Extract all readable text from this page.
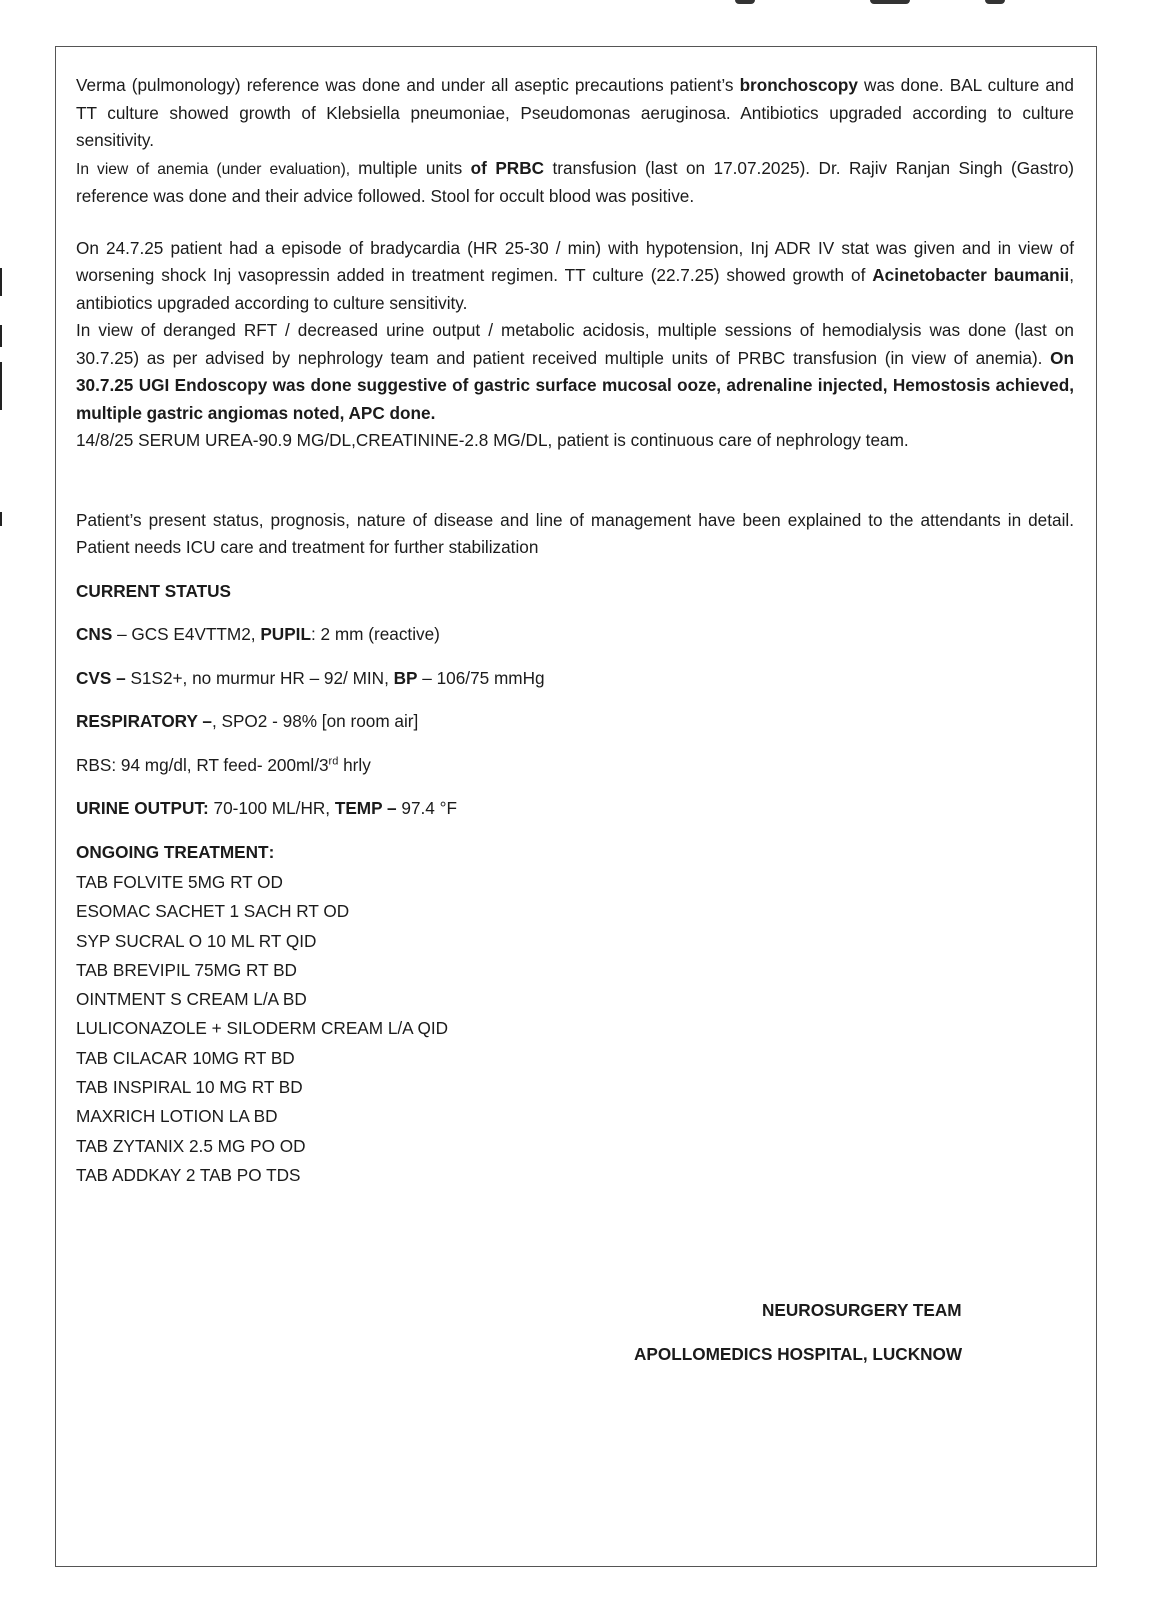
Verma (pulmonology) reference was done and under all aseptic precautions patient’s bronchoscopy was done. BAL culture and TT culture showed growth of Klebsiella pneumoniae, Pseudomonas aeruginosa. Antibiotics upgraded according to culture sensitivity.

In view of anemia (under evaluation), multiple units of PRBC transfusion (last on 17.07.2025). Dr. Rajiv Ranjan Singh (Gastro) reference was done and their advice followed. Stool for occult blood was positive.

On 24.7.25 patient had a episode of bradycardia (HR 25-30 / min) with hypotension, Inj ADR IV stat was given and in view of worsening shock Inj vasopressin added in treatment regimen. TT culture (22.7.25) showed growth of Acinetobacter baumanii, antibiotics upgraded according to culture sensitivity.

In view of deranged RFT / decreased urine output / metabolic acidosis, multiple sessions of hemodialysis was done (last on 30.7.25) as per advised by nephrology team and patient received multiple units of PRBC transfusion (in view of anemia). On 30.7.25 UGI Endoscopy was done suggestive of gastric surface mucosal ooze, adrenaline injected, Hemostosis achieved, multiple gastric angiomas noted, APC done.

14/8/25 SERUM UREA-90.9 MG/DL,CREATININE-2.8 MG/DL, patient is continuous care of nephrology team.

Patient’s present status, prognosis, nature of disease and line of management have been explained to the attendants in detail. Patient needs ICU care and treatment for further stabilization

CURRENT STATUS

CNS – GCS E4VTTM2, PUPIL: 2 mm (reactive)

CVS – S1S2+, no murmur HR – 92/ MIN, BP – 106/75 mmHg

RESPIRATORY –, SPO2 - 98% [on room air]

RBS: 94 mg/dl, RT feed- 200ml/3rd hrly

URINE OUTPUT: 70-100 ML/HR, TEMP – 97.4 °F

ONGOING TREATMENT:
TAB FOLVITE 5MG RT OD
ESOMAC SACHET 1 SACH RT OD
SYP SUCRAL O 10 ML RT QID
TAB BREVIPIL 75MG RT BD
OINTMENT S CREAM L/A BD
LULICONAZOLE + SILODERM CREAM L/A QID
TAB CILACAR 10MG RT BD
TAB INSPIRAL 10 MG RT BD
MAXRICH LOTION LA BD
TAB ZYTANIX 2.5 MG PO OD
TAB ADDKAY 2 TAB PO TDS
NEUROSURGERY TEAM
APOLLOMEDICS HOSPITAL, LUCKNOW
